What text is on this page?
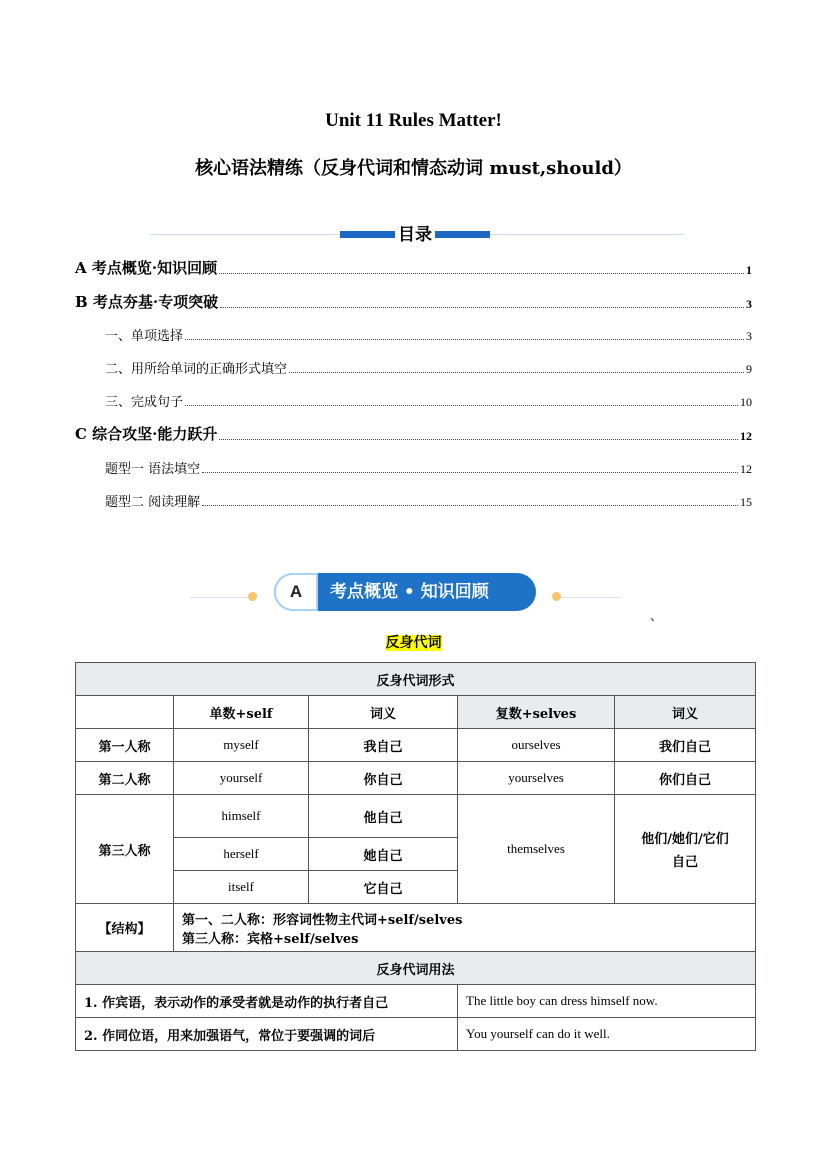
Unit 11 Rules Matter!
核心语法精练（反身代词和情态动词 must,should）
目录
A 考点概览·知识回顾	1
B 考点夯基·专项突破	3
一、单项选择	3
二、用所给单词的正确形式填空	9
三、完成句子	10
C 综合攻坚·能力跃升	12
题型一 语法填空	12
题型二 阅读理解	15
A	考点概览 • 知识回顾
、
反身代词
反身代词形式				
	单数+self	词义	复数+selves	词义
第一人称	myself	我自己	ourselves	我们自己
第二人称	yourself	你自己	yourselves	你们自己
第三人称	himself	他自己	themselves	他们/她们/它们
自己

	herself	她自己		
	itself	它自己		
【结构】	第一、二人称：形容词性物主代词+self/selves
第三人称：宾格+self/selves			

反身代词用法				
1. 作宾语，表示动作的承受者就是动作的执行者自己			The little boy can dress himself now.	
2. 作同位语，用来加强语气，常位于要强调的词后			You yourself can do it well.	
